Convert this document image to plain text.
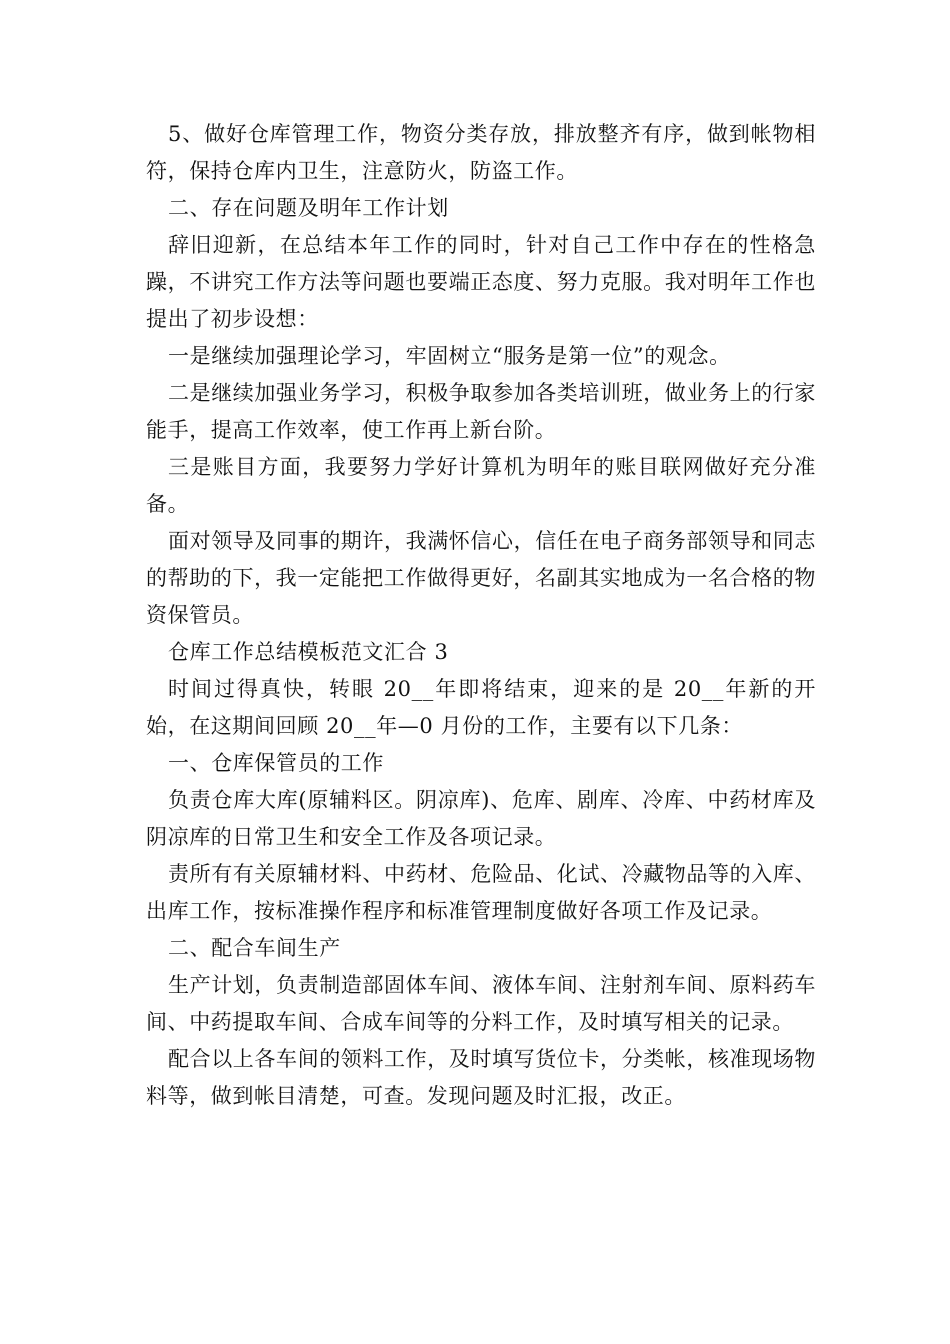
5、做好仓库管理工作，物资分类存放，排放整齐有序，做到帐物相符，保持仓库内卫生，注意防火，防盗工作。

二、存在问题及明年工作计划

辞旧迎新，在总结本年工作的同时，针对自己工作中存在的性格急躁，不讲究工作方法等问题也要端正态度、努力克服。我对明年工作也提出了初步设想：

一是继续加强理论学习，牢固树立“服务是第一位”的观念。

二是继续加强业务学习，积极争取参加各类培训班，做业务上的行家能手，提高工作效率，使工作再上新台阶。

三是账目方面，我要努力学好计算机为明年的账目联网做好充分准备。

面对领导及同事的期许，我满怀信心，信任在电子商务部领导和同志的帮助的下，我一定能把工作做得更好，名副其实地成为一名合格的物资保管员。

仓库工作总结模板范文汇合 3

时间过得真快，转眼 20__年即将结束，迎来的是 20__年新的开始，在这期间回顾 20__年—0 月份的工作，主要有以下几条：

一、仓库保管员的工作

负责仓库大库(原辅料区。阴凉库)、危库、剧库、冷库、中药材库及阴凉库的日常卫生和安全工作及各项记录。

责所有有关原辅材料、中药材、危险品、化试、冷藏物品等的入库、出库工作，按标准操作程序和标准管理制度做好各项工作及记录。

二、配合车间生产

生产计划，负责制造部固体车间、液体车间、注射剂车间、原料药车间、中药提取车间、合成车间等的分料工作，及时填写相关的记录。

配合以上各车间的领料工作，及时填写货位卡，分类帐，核准现场物料等，做到帐目清楚，可查。发现问题及时汇报，改正。
